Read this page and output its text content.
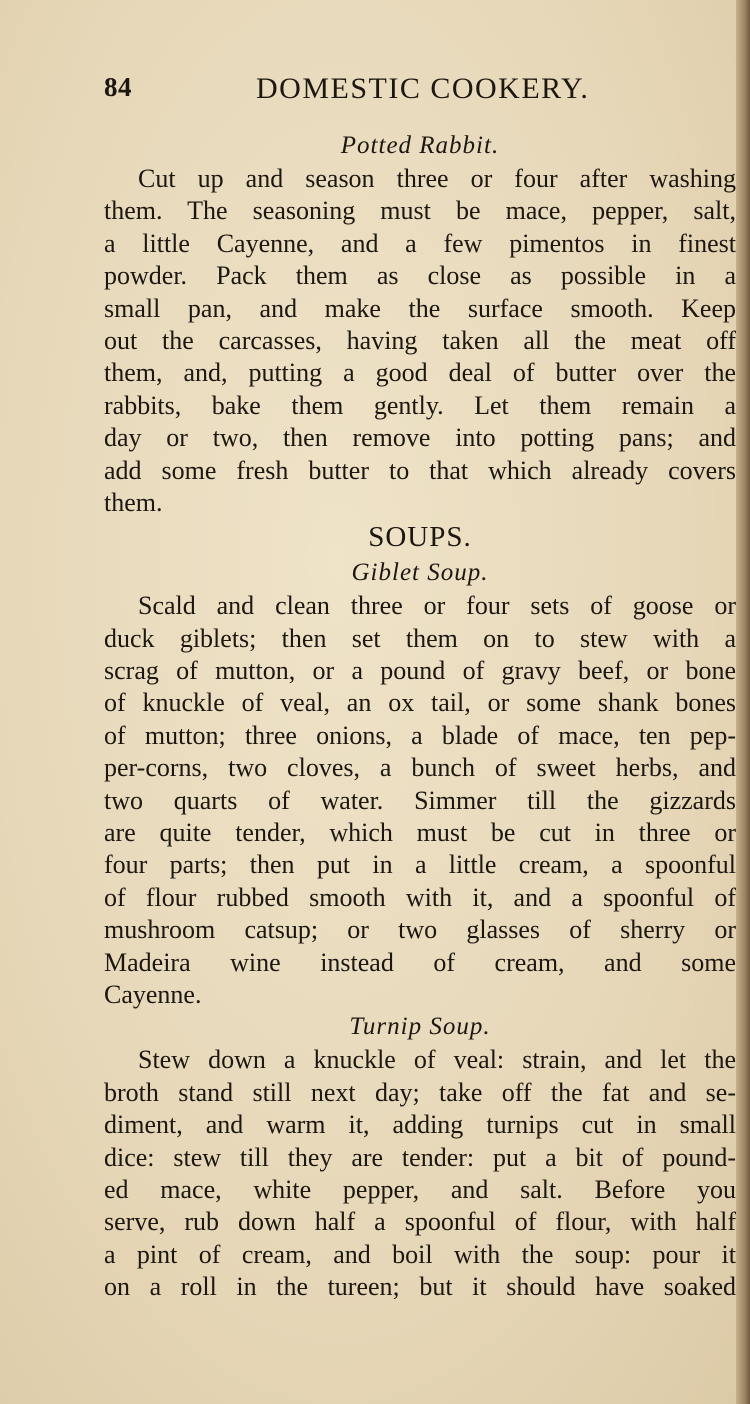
84	DOMESTIC COOKERY.
Potted Rabbit.
Cut up and season three or four after washing
them. The seasoning must be mace, pepper, salt,
a little Cayenne, and a few pimentos in finest
powder. Pack them as close as possible in a
small pan, and make the surface smooth. Keep
out the carcasses, having taken all the meat off
them, and, putting a good deal of butter over the
rabbits, bake them gently. Let them remain a
day or two, then remove into potting pans; and
add some fresh butter to that which already covers
them.
SOUPS.
Giblet Soup.
Scald and clean three or four sets of goose or
duck giblets; then set them on to stew with a
scrag of mutton, or a pound of gravy beef, or bone
of knuckle of veal, an ox tail, or some shank bones
of mutton; three onions, a blade of mace, ten pep-
per-corns, two cloves, a bunch of sweet herbs, and
two quarts of water. Simmer till the gizzards
are quite tender, which must be cut in three or
four parts; then put in a little cream, a spoonful
of flour rubbed smooth with it, and a spoonful of
mushroom catsup; or two glasses of sherry or
Madeira wine instead of cream, and some
Cayenne.
Turnip Soup.
Stew down a knuckle of veal: strain, and let the
broth stand still next day; take off the fat and se-
diment, and warm it, adding turnips cut in small
dice: stew till they are tender: put a bit of pound-
ed mace, white pepper, and salt. Before you
serve, rub down half a spoonful of flour, with half
a pint of cream, and boil with the soup: pour it
on a roll in the tureen; but it should have soaked
